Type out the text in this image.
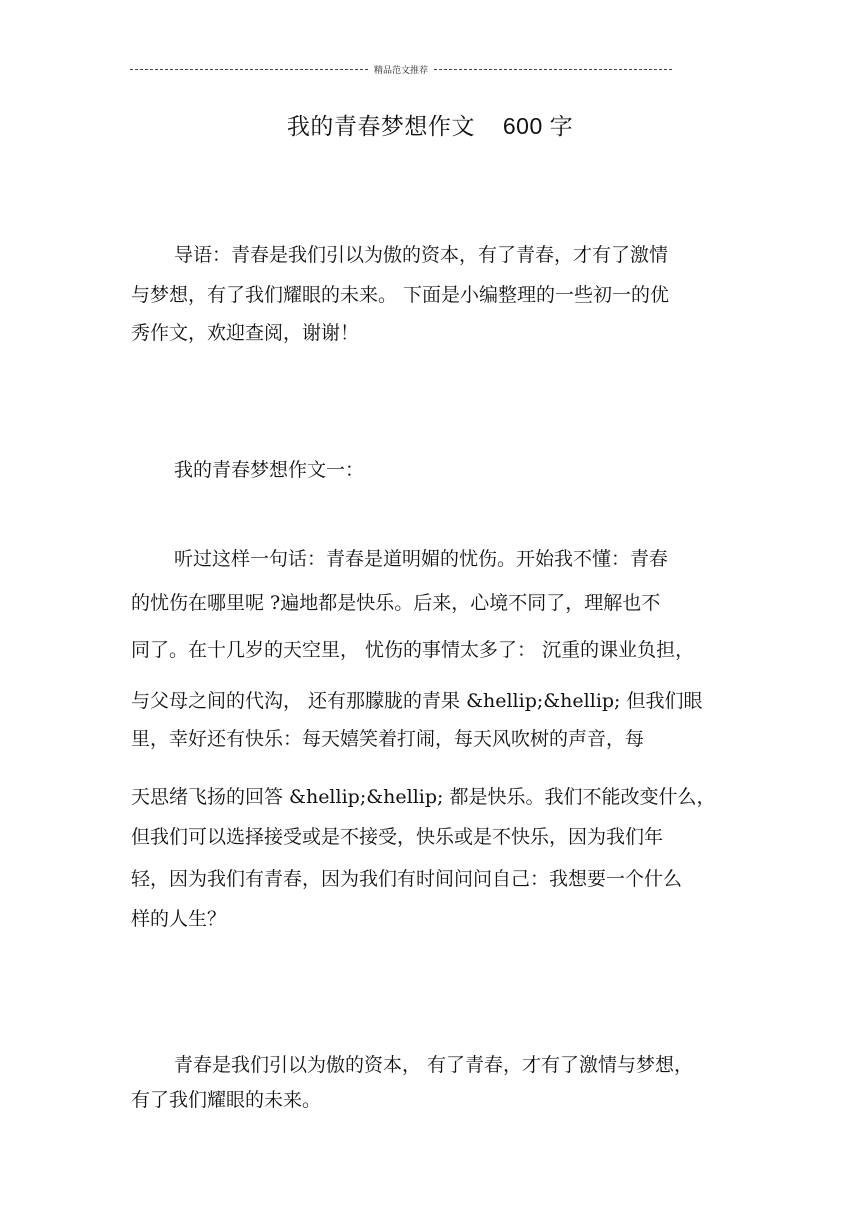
精品范文推荐
我的青春梦想作文 600 字
导语：青春是我们引以为傲的资本，有了青春，才有了激情
与梦想，有了我们耀眼的未来。 下面是小编整理的一些初一的优
秀作文，欢迎查阅，谢谢！
我的青春梦想作文一：
听过这样一句话：青春是道明媚的忧伤。开始我不懂：青春
的忧伤在哪里呢 ?遍地都是快乐。后来，心境不同了，理解也不
同了。在十几岁的天空里， 忧伤的事情太多了： 沉重的课业负担，
与父母之间的代沟， 还有那朦胧的青果 &hellip;&hellip; 但我们眼
里，幸好还有快乐：每天嬉笑着打闹，每天风吹树的声音，每
天思绪飞扬的回答 &hellip;&hellip; 都是快乐。我们不能改变什么，
但我们可以选择接受或是不接受，快乐或是不快乐，因为我们年
轻，因为我们有青春，因为我们有时间问问自己：我想要一个什么
样的人生？
青春是我们引以为傲的资本， 有了青春，才有了激情与梦想，
有了我们耀眼的未来。
